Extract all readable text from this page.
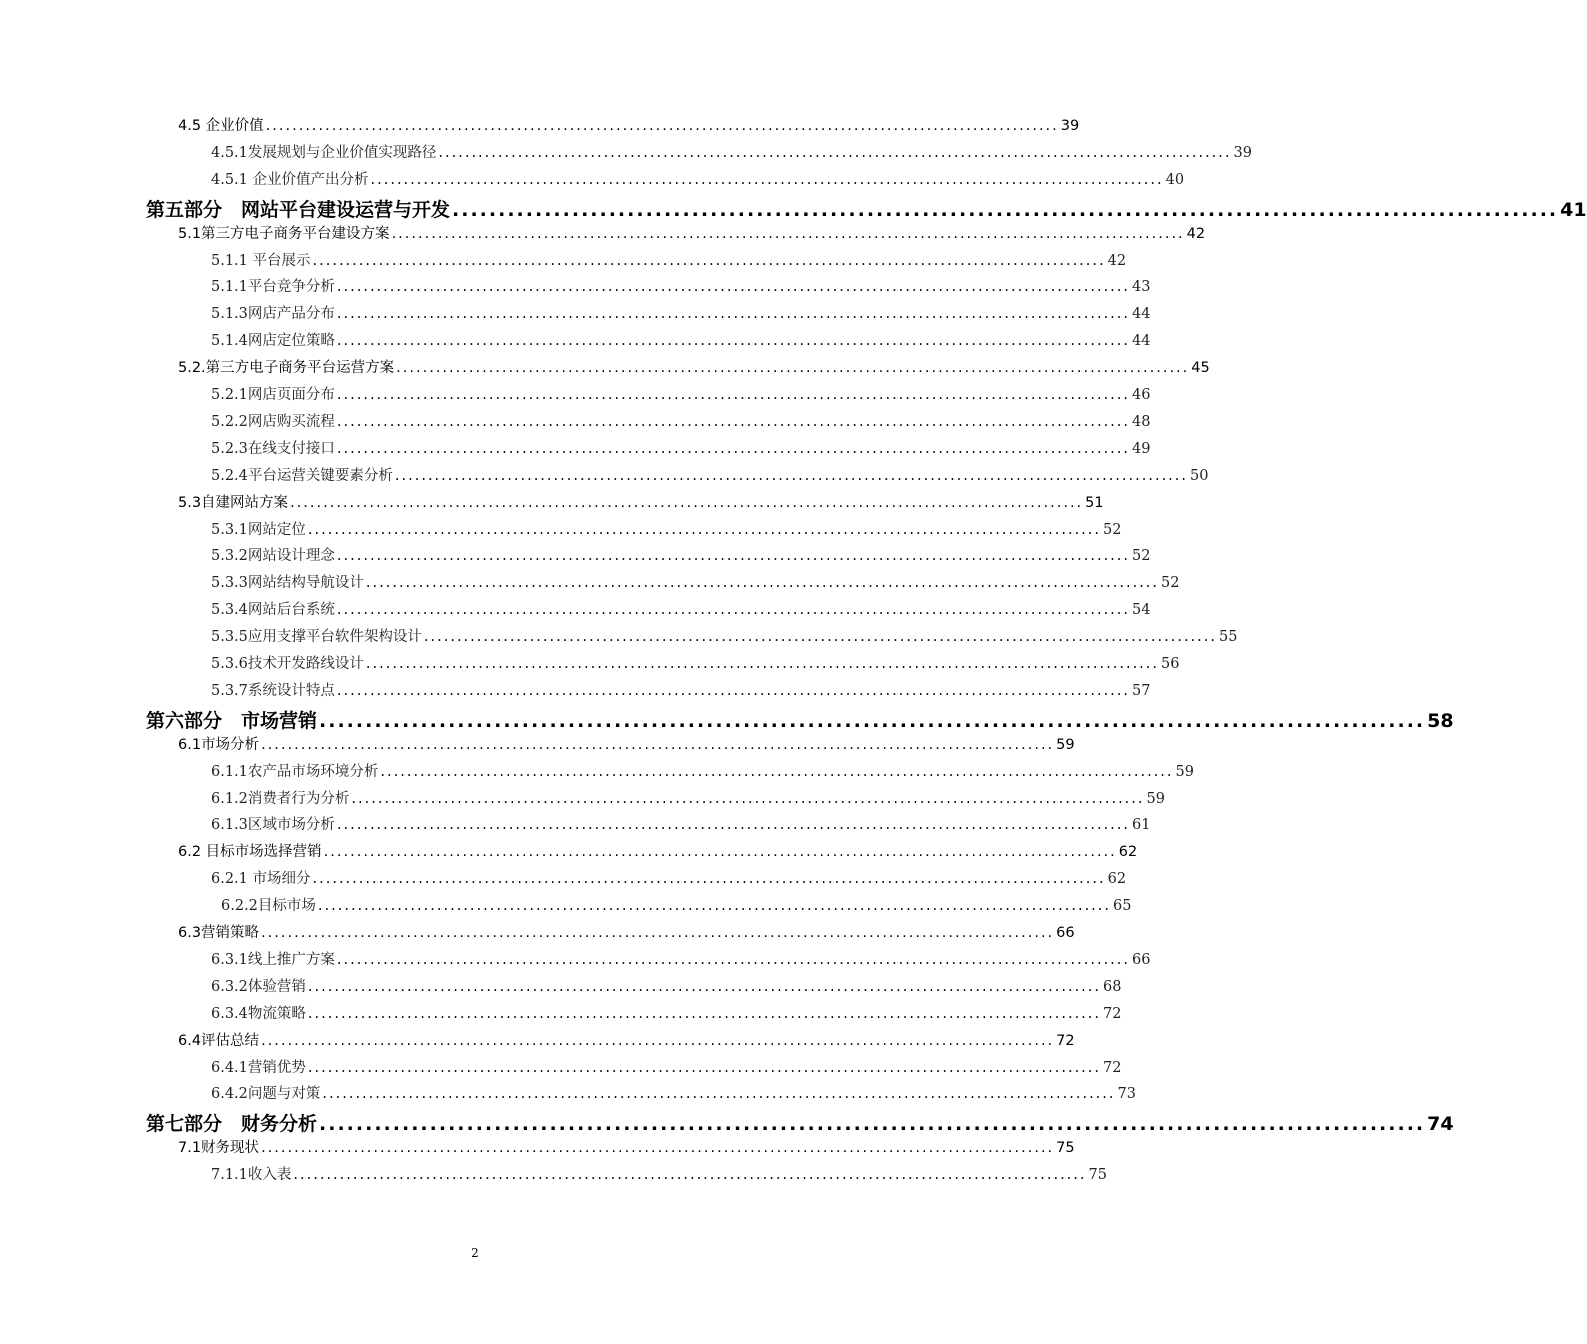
4.5 企业价值 ........................................................................................................................ 39
4.5.1发展规划与企业价值实现路径 ........................................................................................................................ 39
4.5.1 企业价值产出分析 ........................................................................................................................ 40
第五部分　网站平台建设运营与开发 ........................................................................................................................ 41
5.1第三方电子商务平台建设方案 ........................................................................................................................ 42
5.1.1 平台展示 ........................................................................................................................ 42
5.1.1平台竞争分析 ........................................................................................................................ 43
5.1.3网店产品分布 ........................................................................................................................ 44
5.1.4网店定位策略 ........................................................................................................................ 44
5.2.第三方电子商务平台运营方案 ........................................................................................................................ 45
5.2.1网店页面分布 ........................................................................................................................ 46
5.2.2网店购买流程 ........................................................................................................................ 48
5.2.3在线支付接口 ........................................................................................................................ 49
5.2.4平台运营关键要素分析 ........................................................................................................................ 50
5.3自建网站方案 ........................................................................................................................ 51
5.3.1网站定位 ........................................................................................................................ 52
5.3.2网站设计理念 ........................................................................................................................ 52
5.3.3网站结构导航设计 ........................................................................................................................ 52
5.3.4网站后台系统 ........................................................................................................................ 54
5.3.5应用支撑平台软件架构设计 ........................................................................................................................ 55
5.3.6技术开发路线设计 ........................................................................................................................ 56
5.3.7系统设计特点 ........................................................................................................................ 57
第六部分　市场营销 ........................................................................................................................ 58
6.1市场分析 ........................................................................................................................ 59
6.1.1农产品市场环境分析 ........................................................................................................................ 59
6.1.2消费者行为分析 ........................................................................................................................ 59
6.1.3区域市场分析 ........................................................................................................................ 61
6.2 目标市场选择营销 ........................................................................................................................ 62
6.2.1 市场细分 ........................................................................................................................ 62
6.2.2目标市场 ........................................................................................................................ 65
6.3营销策略 ........................................................................................................................ 66
6.3.1线上推广方案 ........................................................................................................................ 66
6.3.2体验营销 ........................................................................................................................ 68
6.3.4物流策略 ........................................................................................................................ 72
6.4评估总结 ........................................................................................................................ 72
6.4.1营销优势 ........................................................................................................................ 72
6.4.2问题与对策 ........................................................................................................................ 73
第七部分　财务分析 ........................................................................................................................ 74
7.1财务现状 ........................................................................................................................ 75
7.1.1收入表 ........................................................................................................................ 75
2
